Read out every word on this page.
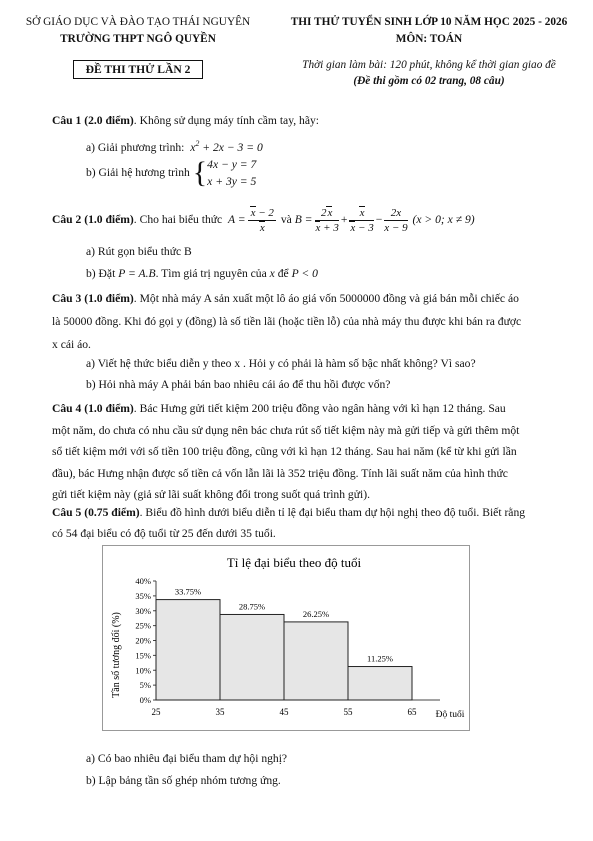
SỞ GIÁO DỤC VÀ ĐÀO TẠO THÁI NGUYÊN
TRƯỜNG THPT NGÔ QUYỀN
ĐỀ THI THỬ LẦN 2
THI THỬ TUYỂN SINH LỚP 10 NĂM HỌC 2025 - 2026
MÔN: TOÁN
Thời gian làm bài: 120 phút, không kể thời gian giao đề
(Đề thi gồm có 02 trang, 08 câu)
Câu 1 (2.0 điểm). Không sử dụng máy tính cầm tay, hãy:
a) Giải phương trình:  $x^2 + 2x - 3 = 0$
b) Giải hệ hương trình {4x − y = 7
x + 3y = 5
Câu 2 (1.0 điểm). Cho hai biểu thức  $A = \frac{x - 2}{x}$ và $B = \frac{2x}{x + 3} + \frac{x}{x - 3} - \frac{2x}{x - 9} (x > 0$; x ≠ 9)
a) Rút gọn biểu thức B
b) Đặt P = A.B. Tìm giá trị nguyên của x để P < 0
Câu 3 (1.0 điểm). Một nhà máy A sản xuất một lô áo giá vốn 5000000 đồng và giá bán mỗi chiếc áo
là 50000 đồng. Khi đó gọi y (đồng) là số tiền lãi (hoặc tiền lỗ) của nhà máy thu được khi bán ra được
x cái áo.
a) Viết hệ thức biểu diễn y theo x . Hỏi y có phải là hàm số bậc nhất không? Vì sao?
b) Hỏi nhà máy A phải bán bao nhiêu cái áo để thu hồi được vốn?
Câu 4 (1.0 điểm). Bác Hưng gửi tiết kiệm 200 triệu đồng vào ngân hàng với kì hạn 12 tháng. Sau
một năm, do chưa có nhu cầu sử dụng nên bác chưa rút số tiết kiệm này mà gửi tiếp và gửi thêm một
sổ tiết kiệm mới với số tiền 100 triệu đồng, cũng với kì hạn 12 tháng. Sau hai năm (kể từ khi gửi lần
đầu), bác Hưng nhận được số tiền cả vốn lẫn lãi là 352 triệu đồng. Tính lãi suất năm của hình thức
gửi tiết kiệm này (giả sử lãi suất không đổi trong suốt quá trình gửi).
Câu 5 (0.75 điểm). Biểu đồ hình dưới biểu diễn tỉ lệ đại biểu tham dự hội nghị theo độ tuổi. Biết rằng
có 54 đại biểu có độ tuổi từ 25 đến dưới 35 tuổi.
Tỉ lệ đại biểu theo độ tuổi
Tần số tương đối (%)
Độ tuổi
0%
5%
10%
15%
20%
25%
30%
35%
40%
25	35	45	55	65
33.75%
28.75%
26.25%
11.25%
a) Có bao nhiêu đại biểu tham dự hội nghị?
b) Lập bảng tần số ghép nhóm tương ứng.
